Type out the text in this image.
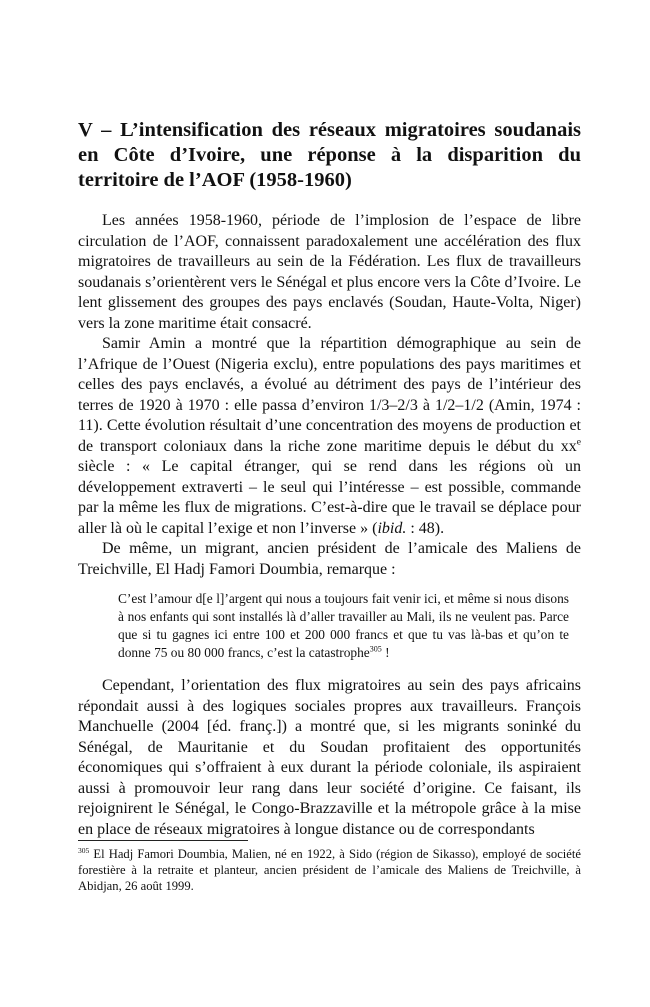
V – L’intensification des réseaux migratoires soudanais en Côte d’Ivoire, une réponse à la disparition du territoire de l’AOF (1958-1960)

Les années 1958-1960, période de l’implosion de l’espace de libre circulation de l’AOF, connaissent paradoxalement une accélération des flux migratoires de travailleurs au sein de la Fédération. Les flux de travailleurs soudanais s’orientèrent vers le Sénégal et plus encore vers la Côte d’Ivoire. Le lent glissement des groupes des pays enclavés (Soudan, Haute-Volta, Niger) vers la zone maritime était consacré.

Samir Amin a montré que la répartition démographique au sein de l’Afrique de l’Ouest (Nigeria exclu), entre populations des pays maritimes et celles des pays enclavés, a évolué au détriment des pays de l’intérieur des terres de 1920 à 1970 : elle passa d’environ 1/3–2/3 à 1/2–1/2 (Amin, 1974 : 11). Cette évolution résultait d’une concentration des moyens de production et de transport coloniaux dans la riche zone maritime depuis le début du $xx^e$ siècle : « Le capital étranger, qui se rend dans les régions où un développement extraverti – le seul qui l’intéresse – est possible, commande par la même les flux de migrations. C’est-à-dire que le travail se déplace pour aller là où le capital l’exige et non l’inverse » (ibid. : 48).

De même, un migrant, ancien président de l’amicale des Maliens de Treichville, El Hadj Famori Doumbia, remarque :

C’est l’amour d[e l]’argent qui nous a toujours fait venir ici, et même si nous disons à nos enfants qui sont installés là d’aller travailler au Mali, ils ne veulent pas. Parce que si tu gagnes ici entre 100 et 200 000 francs et que tu vas là-bas et qu’on te donne 75 ou 80 000 francs, c’est la catastrophe$^{305}$ !

Cependant, l’orientation des flux migratoires au sein des pays africains répondait aussi à des logiques sociales propres aux travailleurs. François Manchuelle (2004 [éd. franç.]) a montré que, si les migrants soninké du Sénégal, de Mauritanie et du Soudan profitaient des opportunités économiques qui s’offraient à eux durant la période coloniale, ils aspiraient aussi à promouvoir leur rang dans leur société d’origine. Ce faisant, ils rejoignirent le Sénégal, le Congo-Brazzaville et la métropole grâce à la mise en place de réseaux migratoires à longue distance ou de correspondants

$^{305}$ El Hadj Famori Doumbia, Malien, né en 1922, à Sido (région de Sikasso), employé de société forestière à la retraite et planteur, ancien président de l’amicale des Maliens de Treichville, à Abidjan, 26 août 1999.
